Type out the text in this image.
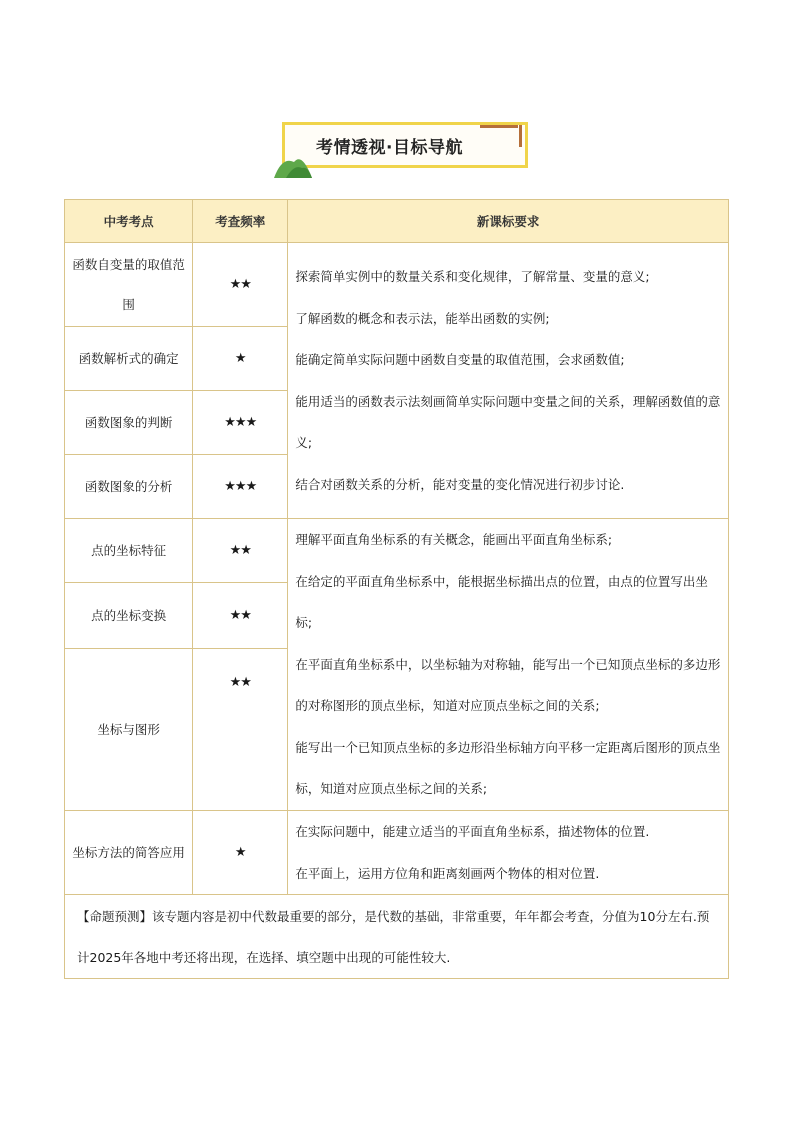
考情透视·目标导航
中考考点	考查频率	新课标要求
函数自变量的取值范围	★★	探索简单实例中的数量关系和变化规律，了解常量、变量的意义;
了解函数的概念和表示法，能举出函数的实例;
能确定简单实际问题中函数自变量的取值范围，会求函数值;
能用适当的函数表示法刻画简单实际问题中变量之间的关系，理解函数值的意义;
结合对函数关系的分析，能对变量的变化情况进行初步讨论.

函数解析式的确定	★	
函数图象的判断	★★★	
函数图象的分析	★★★	
点的坐标特征	★★	理解平面直角坐标系的有关概念，能画出平面直角坐标系;
在给定的平面直角坐标系中，能根据坐标描出点的位置，由点的位置写出坐标;
在平面直角坐标系中，以坐标轴为对称轴，能写出一个已知顶点坐标的多边形的对称图形的顶点坐标，知道对应顶点坐标之间的关系;
能写出一个已知顶点坐标的多边形沿坐标轴方向平移一定距离后图形的顶点坐标，知道对应顶点坐标之间的关系;

点的坐标变换	★★	
坐标与图形	★★	
坐标方法的简答应用	★	在实际问题中，能建立适当的平面直角坐标系，描述物体的位置.
在平面上，运用方位角和距离刻画两个物体的相对位置.

【命题预测】该专题内容是初中代数最重要的部分，是代数的基础，非常重要，年年都会考查，分值为10分左右.预计2025年各地中考还将出现，在选择、填空题中出现的可能性较大.		
